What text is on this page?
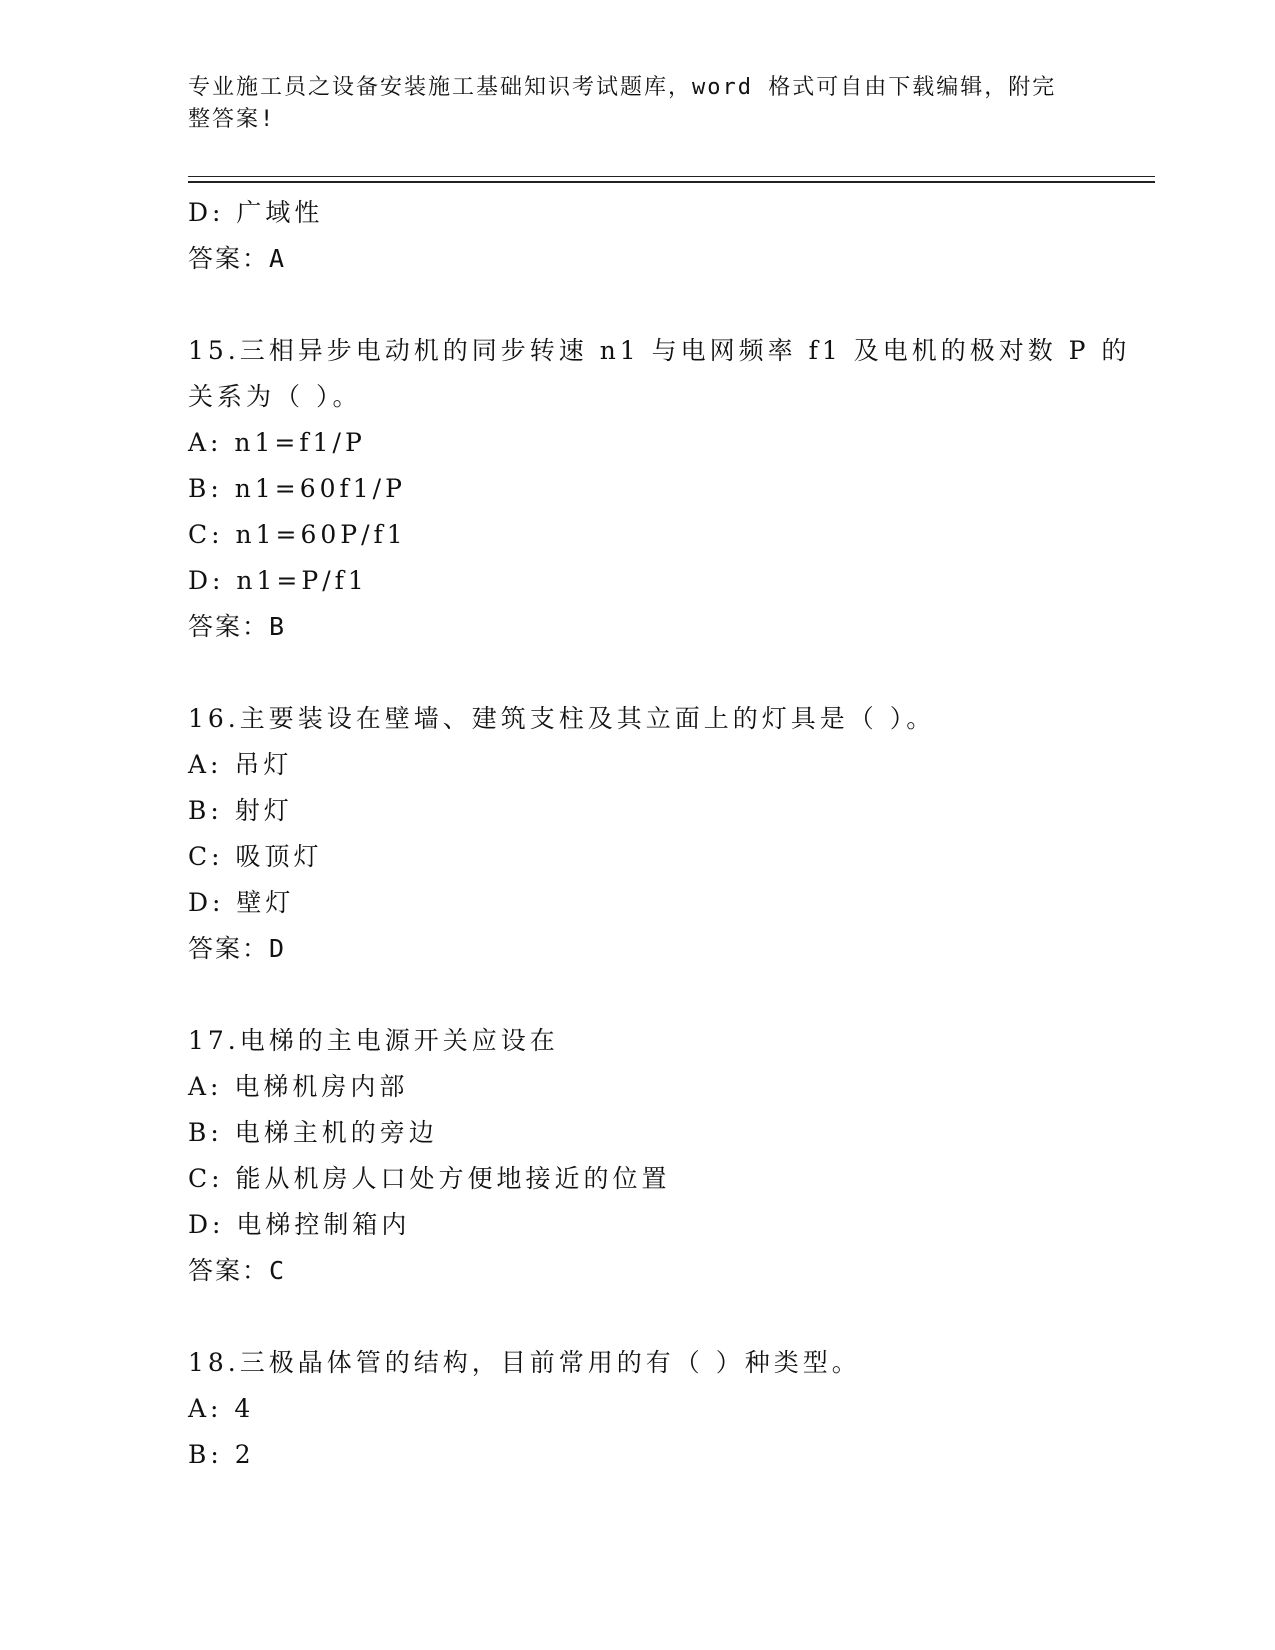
专业施工员之设备安装施工基础知识考试题库，word 格式可自由下载编辑，附完
整答案!
D: 广域性
答案：A
15.三相异步电动机的同步转速 n1 与电网频率 f1 及电机的极对数 P 的
关系为（ ）。
A: n1=f1/P
B: n1=60f1/P
C: n1=60P/f1
D: n1=P/f1
答案：B
16.主要装设在壁墙、建筑支柱及其立面上的灯具是（ ）。
A: 吊灯
B: 射灯
C: 吸顶灯
D: 壁灯
答案：D
17.电梯的主电源开关应设在
A: 电梯机房内部
B: 电梯主机的旁边
C: 能从机房人口处方便地接近的位置
D: 电梯控制箱内
答案：C
18.三极晶体管的结构，目前常用的有（ ）种类型。
A: 4
B: 2
